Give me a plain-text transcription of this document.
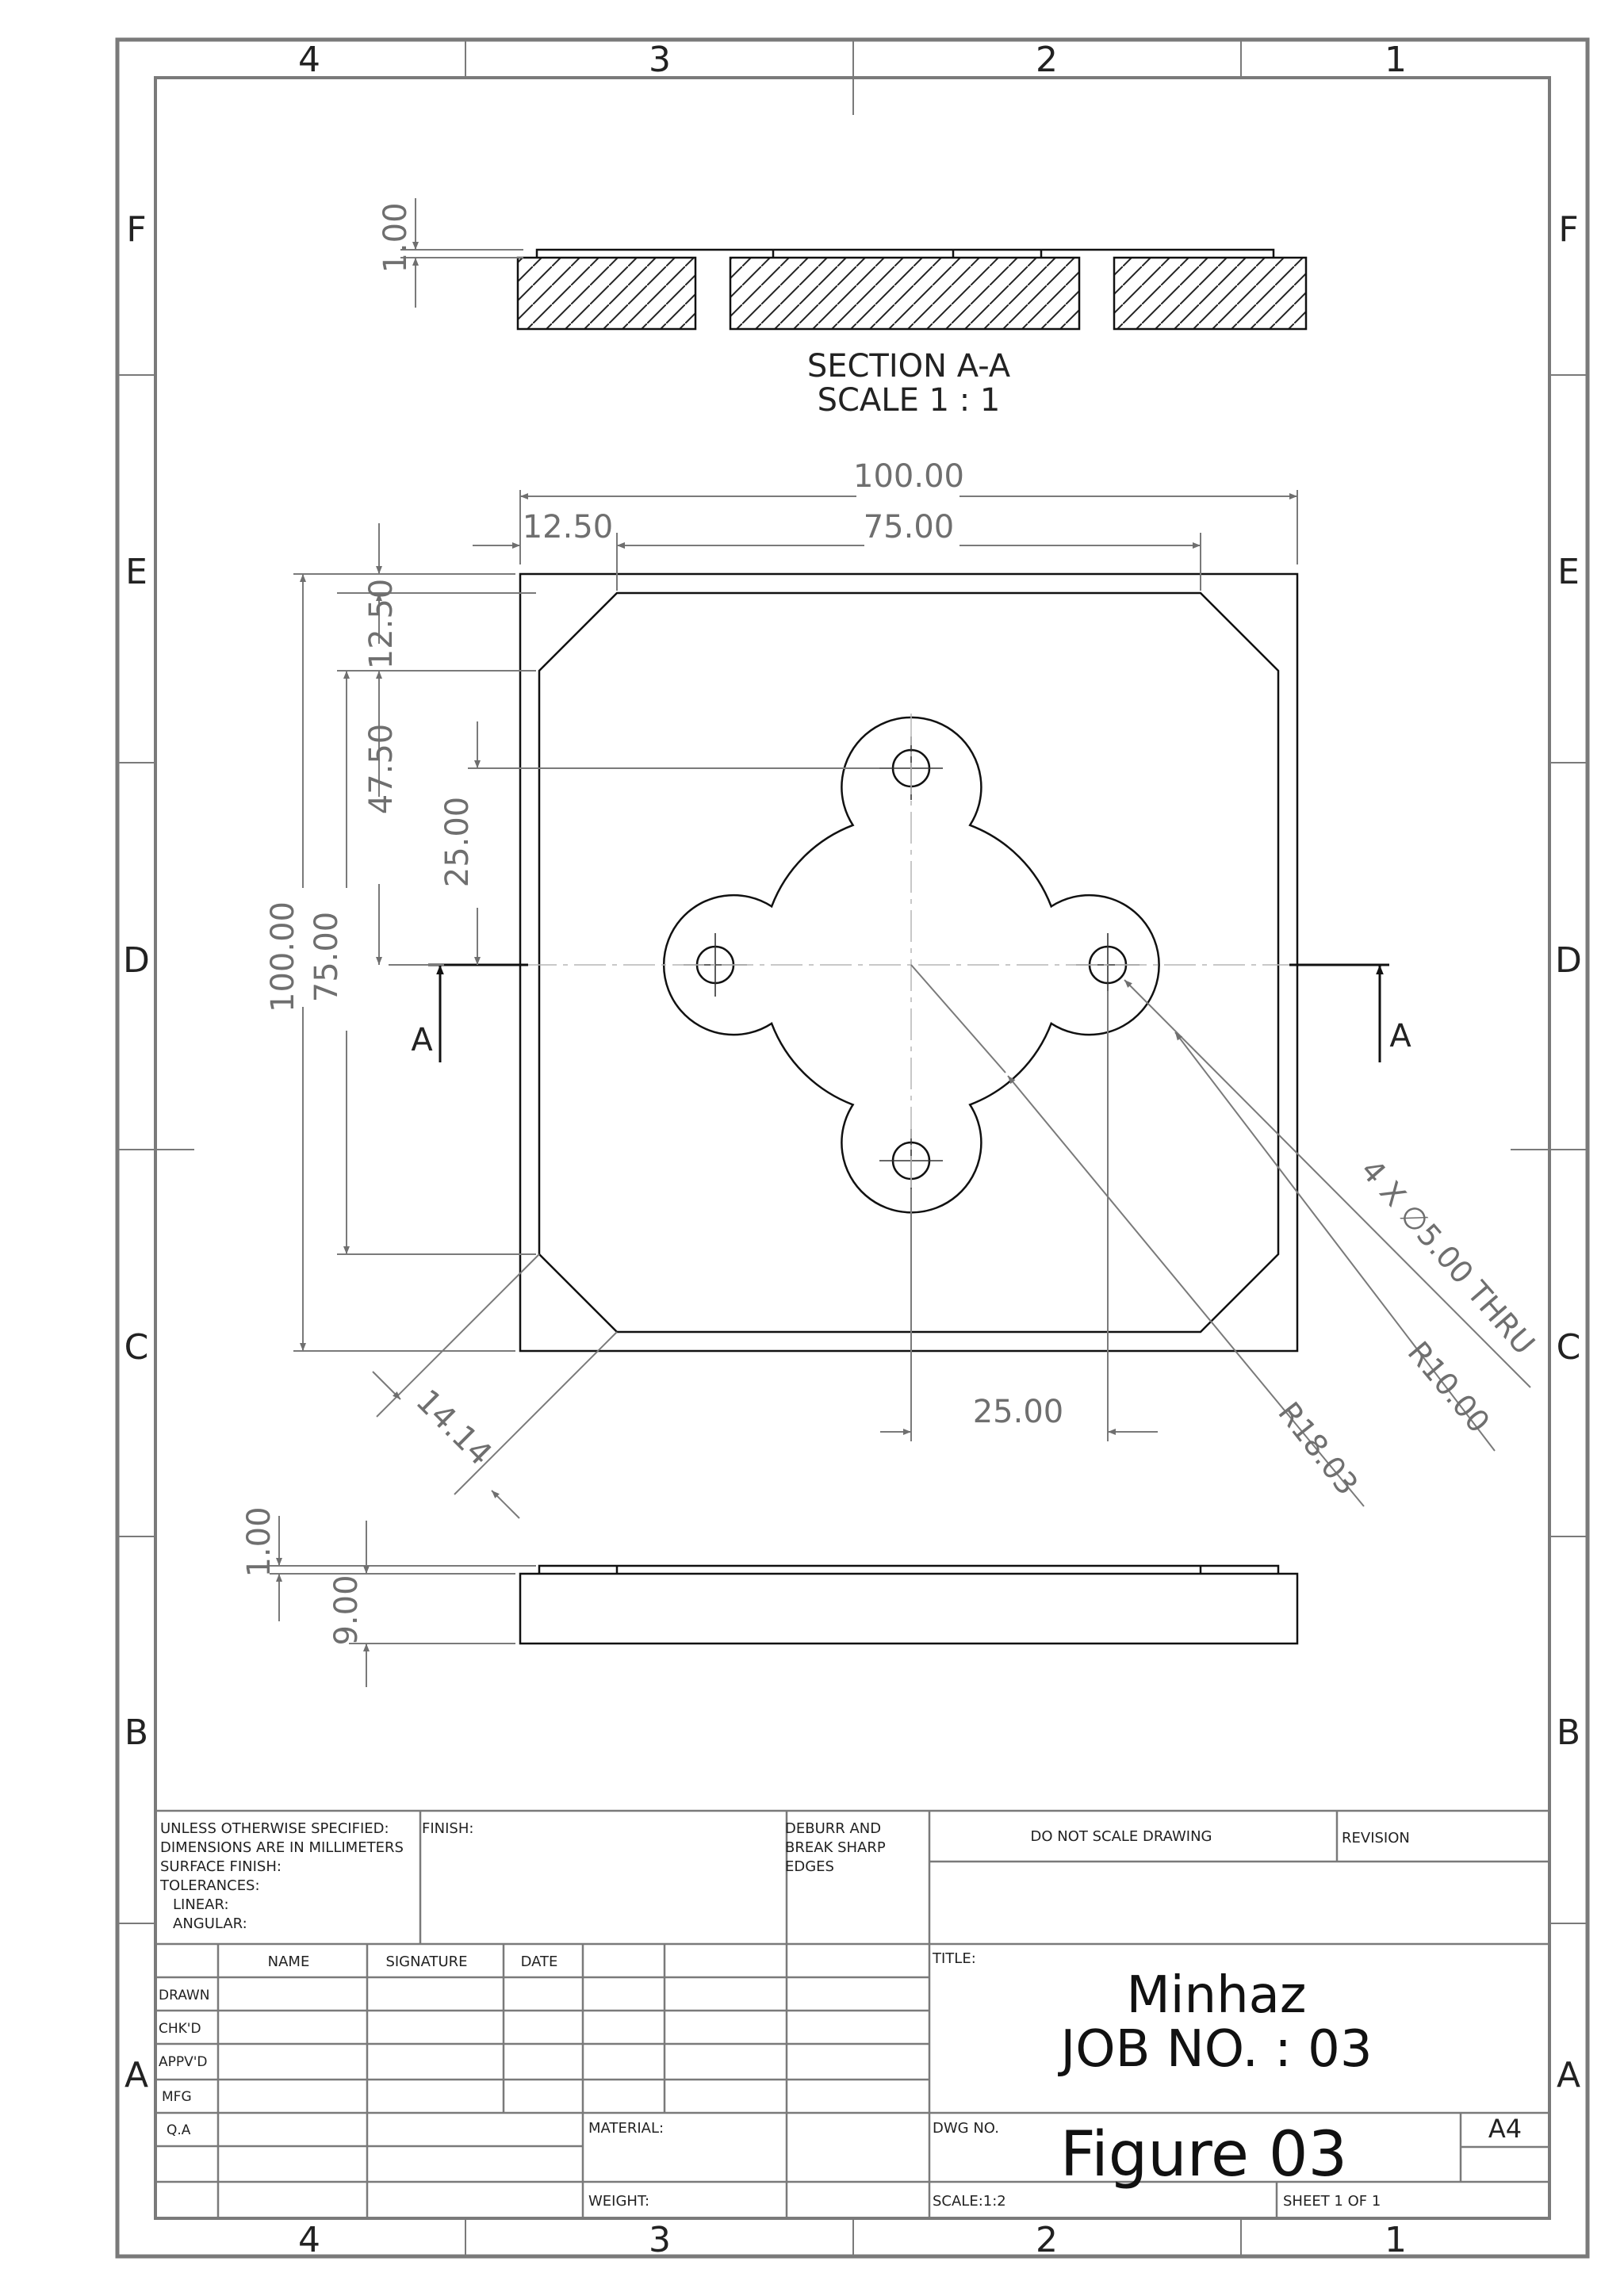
4	3	2	1
4	3	2	1
F
E
D
C
B
A
F
E
D
C
B
A
1.00
SECTION A-A
SCALE 1 : 1
A	A
100.00
12.50	75.00
100.00 75.00
12.50
47.50
25.00
25.00
14.14
4 X ∅5.00 THRU
R10.00
R18.03
1.00
9.00
UNLESS OTHERWISE SPECIFIED:
DIMENSIONS ARE IN MILLIMETERS
SURFACE FINISH:
TOLERANCES:
LINEAR:
ANGULAR:
FINISH:	DEBURR AND
BREAK SHARP
EDGES
DO NOT SCALE DRAWING	REVISION
NAME	SIGNATURE	DATE
DRAWN
CHK'D
APPV'D
MFG
Q.A
TITLE:
Minhaz
JOB NO. : 03
MATERIAL:
WEIGHT:
DWG NO. Figure 03	A4
SCALE:1:2	SHEET 1 OF 1
